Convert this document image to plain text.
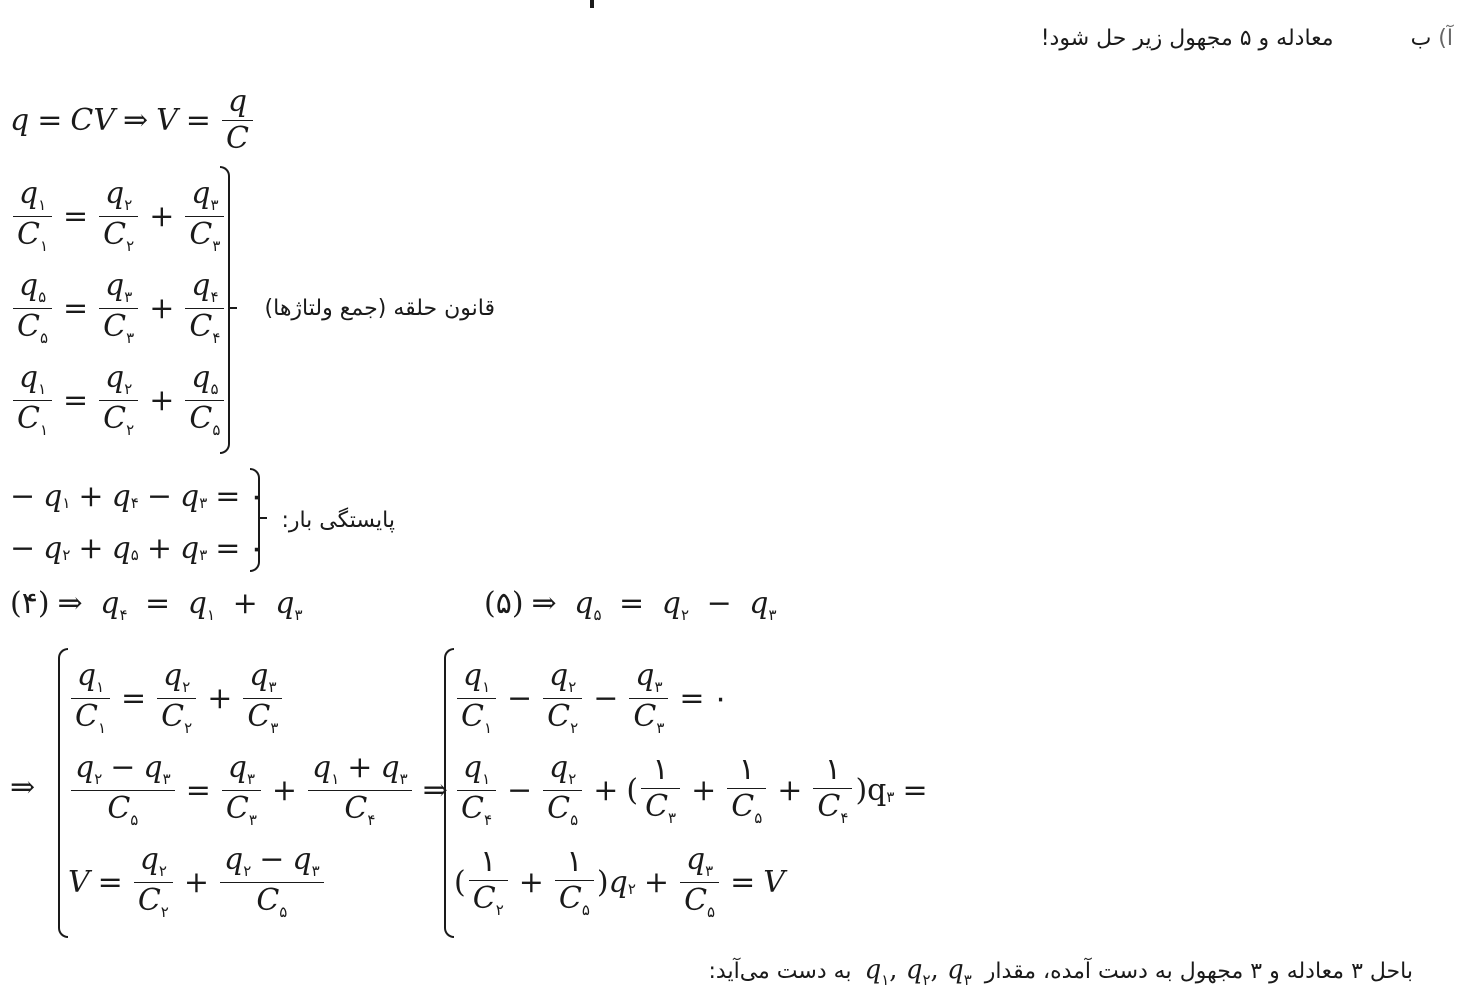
آ) ب معادله و ۵ مجهول زیر حل شود!
q = CV ⇒ $V = \frac{q}{C}$
$\frac{q_۱}{C_۱} = \frac{q_۲}{C_۲} + \frac{q_۳}{C_۳}$
$\frac{q_۵}{C_۵} = \frac{q_۳}{C_۳} + \frac{q_۴}{C_۴}$
$\frac{q_۱}{C_۱} = \frac{q_۲}{C_۲} + \frac{q_۵}{C_۵}$
قانون حلقه (جمع ولتاژها)
− q ۱ + q ۴ − q ۳ = ۰
− q ۲ + q ۵ + q ۳ = ۰
پایستگی بار:
(۴) ⇒ $q_۴ = q_۱ + q_۳$	(۵) ⇒ $q_۵ = q_۲ - q_۳$
⇒
$\frac{q_۱}{C_۱} = \frac{q_۲}{C_۲} + \frac{q_۳}{C_۳}$
$\frac{q_۲ - q_۳}{C_۵} = \frac{q_۳}{C_۳} + \frac{q_۱ + q_۳}{C_۴}$ ⇒
$V = \frac{q_۲}{C_۲} + \frac{q_۲ - q_۳}{C_۵}$
$\frac{q_۱}{C_۱} - \frac{q_۲}{C_۲} - \frac{q_۳}{C_۳}$ = ۰
$\frac{q_۱}{C_۴} - \frac{q_۲}{C_۵}$ + ( $\frac{۱}{C_۳} + \frac{۱}{C_۵} + \frac{۱}{C_۴}$ ) q ۳ =
( $\frac{۱}{C_۲} + \frac{۱}{C_۵}$ ) q ۲ + $\frac{q_۳}{C_۵} = V$
باحل ۳ معادله و ۳ مجهول به دست آمده، مقدار $q_۱$, $q_۲$, $q_۳$ به دست می‌آید:
